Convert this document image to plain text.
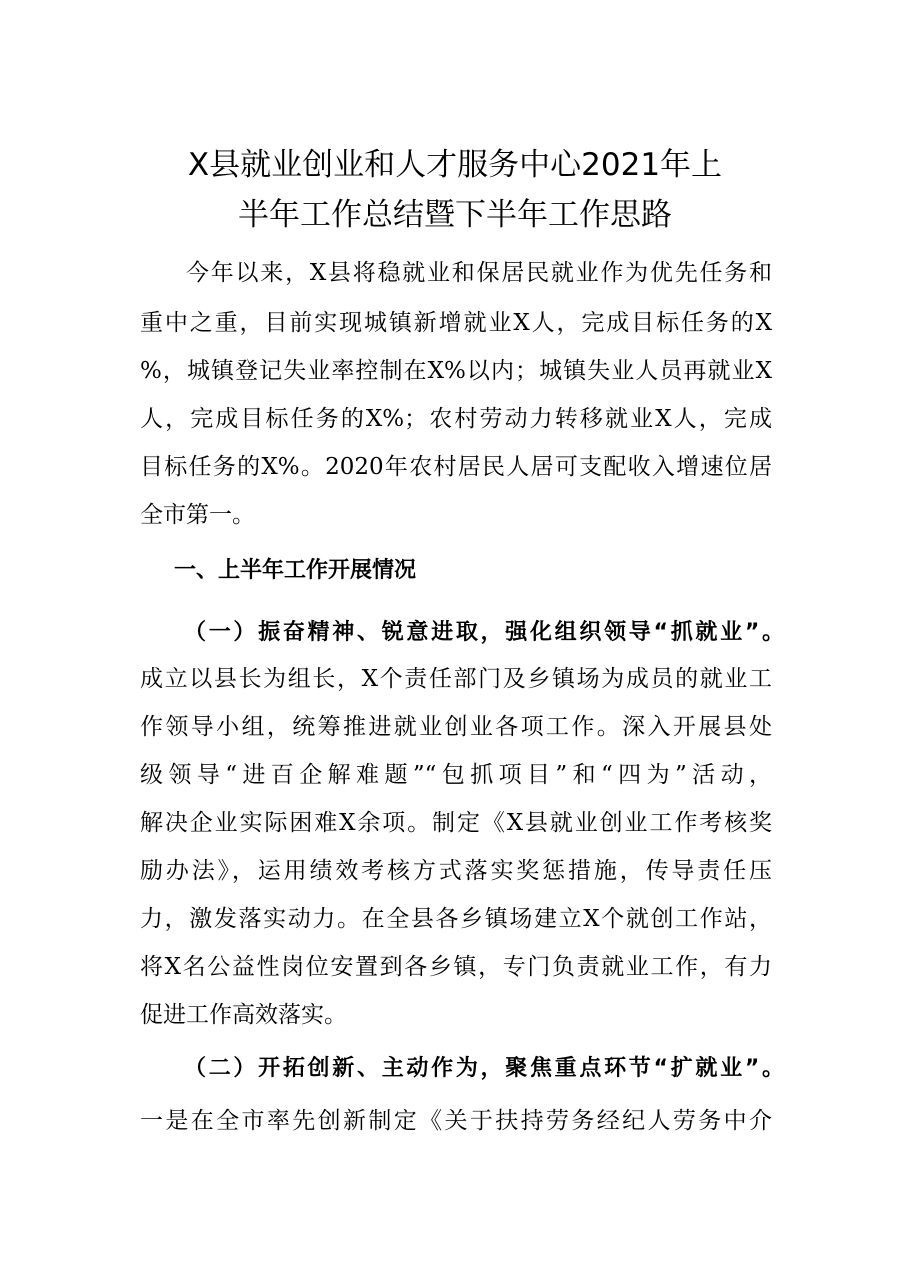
X县就业创业和人才服务中心2021年上
半年工作总结暨下半年工作思路

今年以来，X县将稳就业和保居民就业作为优先任务和

重中之重，目前实现城镇新增就业X人，完成目标任务的X

%，城镇登记失业率控制在X%以内；城镇失业人员再就业X

人，完成目标任务的X%；农村劳动力转移就业X人，完成

目标任务的X%。2020年农村居民人居可支配收入增速位居

全市第一。

一、上半年工作开展情况
（一）振奋精神、锐意进取，强化组织领导“抓就业”。

成立以县长为组长，X个责任部门及乡镇场为成员的就业工

作领导小组，统筹推进就业创业各项工作。深入开展县处

级领导“进百企解难题”“包抓项目”和“四为”活动，

解决企业实际困难X余项。制定《X县就业创业工作考核奖

励办法》，运用绩效考核方式落实奖惩措施，传导责任压

力，激发落实动力。在全县各乡镇场建立X个就创工作站，

将X名公益性岗位安置到各乡镇，专门负责就业工作，有力

促进工作高效落实。

（二）开拓创新、主动作为，聚焦重点环节“扩就业”。

一是在全市率先创新制定《关于扶持劳务经纪人劳务中介
